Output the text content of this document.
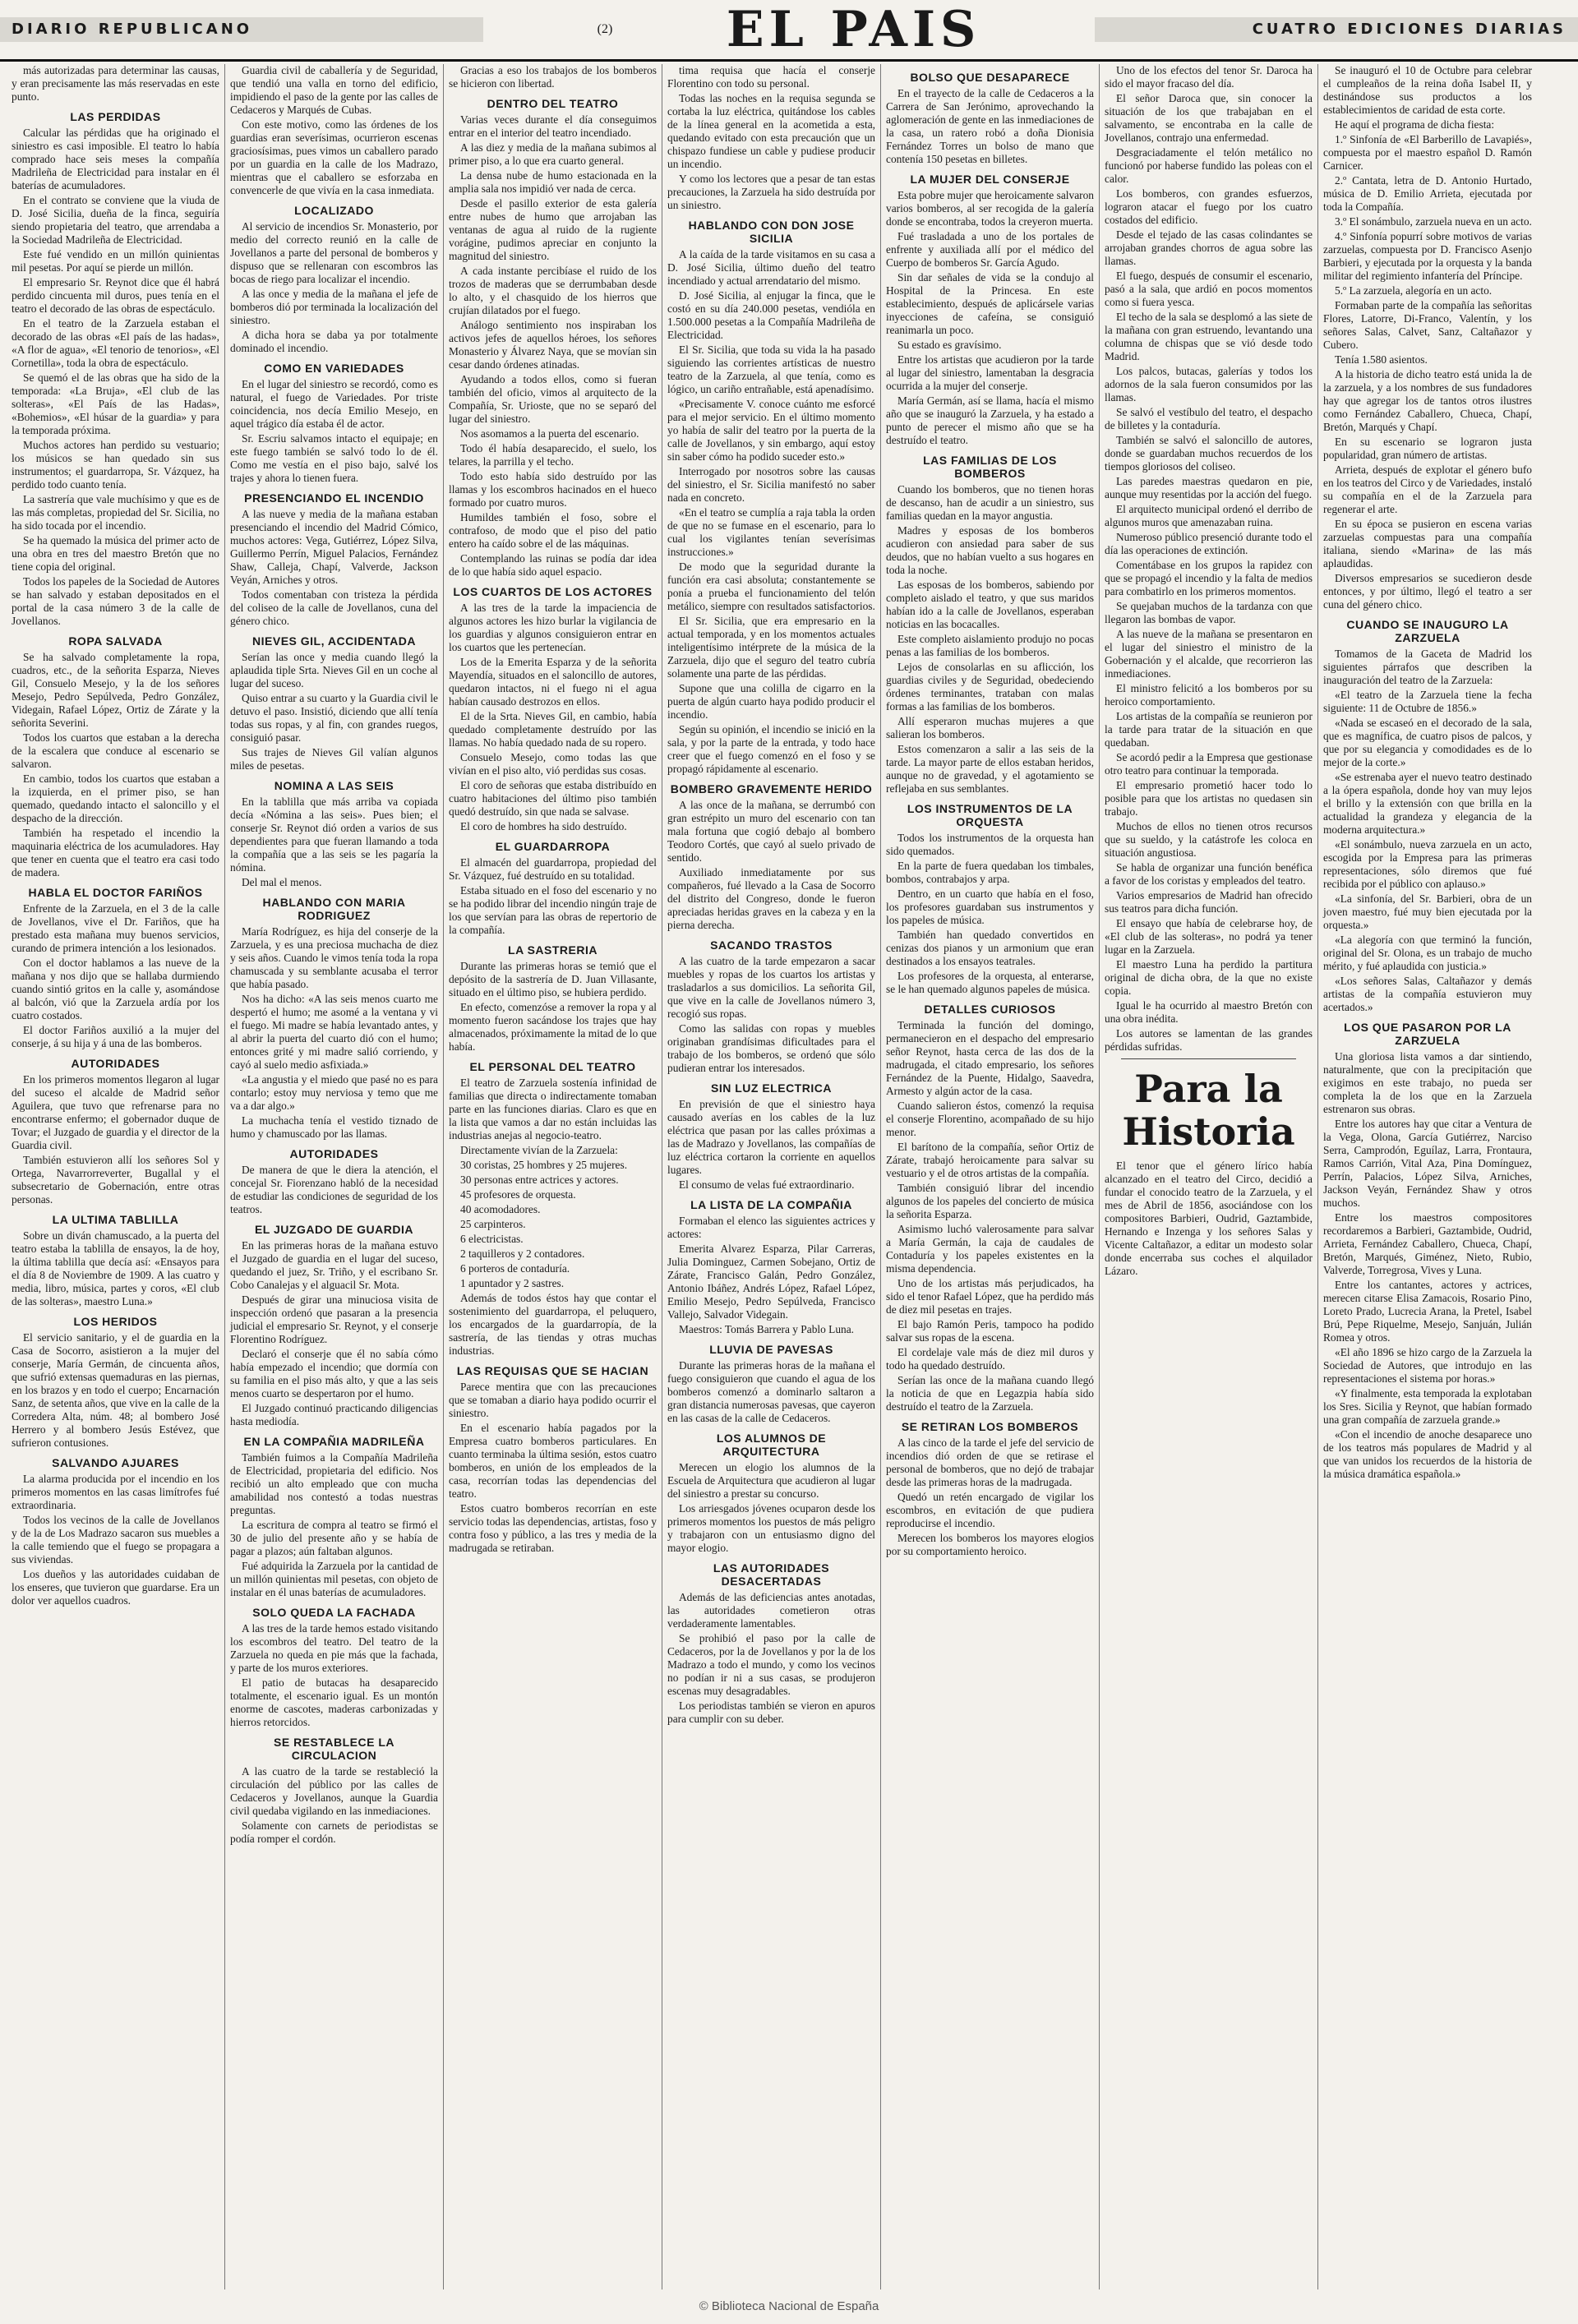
DIARIO REPUBLICANO	(2) EL PAIS	CUATRO EDICIONES DIARIAS

más autorizadas para determinar las causas, y eran precisamente las más reservadas en este punto.

LAS PERDIDAS

Calcular las pérdidas que ha originado el siniestro es casi imposible. El teatro lo había comprado hace seis meses la compañía Madrileña de Electricidad para instalar en él baterías de acumuladores.

En el contrato se conviene que la viuda de D. José Sicilia, dueña de la finca, seguiría siendo propietaria del teatro, que arrendaba a la Sociedad Madrileña de Electricidad.

Este fué vendido en un millón quinientas mil pesetas. Por aquí se pierde un millón.

El empresario Sr. Reynot dice que él habrá perdido cincuenta mil duros, pues tenía en el teatro el decorado de las obras de espectáculo.

En el teatro de la Zarzuela estaban el decorado de las obras «El país de las hadas», «A flor de agua», «El tenorio de tenorios», «El Cornetilla», toda la obra de espectáculo.

Se quemó el de las obras que ha sido de la temporada: «La Bruja», «El club de las solteras», «El País de las Hadas», «Bohemios», «El húsar de la guardia» y para la temporada próxima.

Muchos actores han perdido su vestuario; los músicos se han quedado sin sus instrumentos; el guardarropa, Sr. Vázquez, ha perdido todo cuanto tenía.

La sastrería que vale muchísimo y que es de las más completas, propiedad del Sr. Sicilia, no ha sido tocada por el incendio.

Se ha quemado la música del primer acto de una obra en tres del maestro Bretón que no tiene copia del original.

Todos los papeles de la Sociedad de Autores se han salvado y estaban depositados en el portal de la casa número 3 de la calle de Jovellanos.

ROPA SALVADA

Se ha salvado completamente la ropa, cuadros, etc., de la señorita Esparza, Nieves Gil, Consuelo Mesejo, y la de los señores Mesejo, Pedro Sepúlveda, Pedro González, Videgain, Rafael López, Ortiz de Zárate y la señorita Severini.

Todos los cuartos que estaban a la derecha de la escalera que conduce al escenario se salvaron.

En cambio, todos los cuartos que estaban a la izquierda, en el primer piso, se han quemado, quedando intacto el saloncillo y el despacho de la dirección.

También ha respetado el incendio la maquinaria eléctrica de los acumuladores. Hay que tener en cuenta que el teatro era casi todo de madera.

HABLA EL DOCTOR FARIÑOS

Enfrente de la Zarzuela, en el 3 de la calle de Jovellanos, vive el Dr. Fariños, que ha prestado esta mañana muy buenos servicios, curando de primera intención a los lesionados.

Con el doctor hablamos a las nueve de la mañana y nos dijo que se hallaba durmiendo cuando sintió gritos en la calle y, asomándose al balcón, vió que la Zarzuela ardía por los cuatro costados.

El doctor Fariños auxilió a la mujer del conserje, á su hija y á una de las bomberos.

AUTORIDADES

En los primeros momentos llegaron al lugar del suceso el alcalde de Madrid señor Aguilera, que tuvo que refrenarse para no encontrarse enfermo; el gobernador duque de Tovar; el Juzgado de guardia y el director de la Guardia civil.

También estuvieron allí los señores Sol y Ortega, Navarrorreverter, Bugallal y el subsecretario de Gobernación, entre otras personas.

LA ULTIMA TABLILLA

Sobre un diván chamuscado, a la puerta del teatro estaba la tablilla de ensayos, la de hoy, la última tablilla que decía así: «Ensayos para el día 8 de Noviembre de 1909. A las cuatro y media, libro, música, partes y coros, «El club de las solteras», maestro Luna.»

LOS HERIDOS

El servicio sanitario, y el de guardia en la Casa de Socorro, asistieron a la mujer del conserje, María Germán, de cincuenta años, que sufrió extensas quemaduras en las piernas, en los brazos y en todo el cuerpo; Encarnación Sanz, de setenta años, que vive en la calle de la Corredera Alta, núm. 48; al bombero José Herrero y al bombero Jesús Estévez, que sufrieron contusiones.

SALVANDO AJUARES

La alarma producida por el incendio en los primeros momentos en las casas limítrofes fué extraordinaria.

Todos los vecinos de la calle de Jovellanos y de la de Los Madrazo sacaron sus muebles a la calle temiendo que el fuego se propagara a sus viviendas.

Los dueños y las autoridades cuidaban de los enseres, que tuvieron que guardarse. Era un dolor ver aquellos cuadros.

Guardia civil de caballería y de Seguridad, que tendió una valla en torno del edificio, impidiendo el paso de la gente por las calles de Cedaceros y Marqués de Cubas.

Con este motivo, como las órdenes de los guardias eran severísimas, ocurrieron escenas graciosísimas, pues vimos un caballero parado por un guardia en la calle de los Madrazo, mientras que el caballero se esforzaba en convencerle de que vivía en la casa inmediata.

LOCALIZADO

Al servicio de incendios Sr. Monasterio, por medio del correcto reunió en la calle de Jovellanos a parte del personal de bomberos y dispuso que se rellenaran con escombros las bocas de riego para localizar el incendio.

A las once y media de la mañana el jefe de bomberos dió por terminada la localización del siniestro.

A dicha hora se daba ya por totalmente dominado el incendio.

COMO EN VARIEDADES

En el lugar del siniestro se recordó, como es natural, el fuego de Variedades. Por triste coincidencia, nos decía Emilio Mesejo, en aquel trágico día estaba él de actor.

Sr. Escriu salvamos intacto el equipaje; en este fuego también se salvó todo lo de él. Como me vestía en el piso bajo, salvé los trajes y ahora lo tienen fuera.

PRESENCIANDO EL INCENDIO

A las nueve y media de la mañana estaban presenciando el incendio del Madrid Cómico, muchos actores: Vega, Gutiérrez, López Silva, Guillermo Perrín, Miguel Palacios, Fernández Shaw, Calleja, Chapí, Valverde, Jackson Veyán, Arniches y otros.

Todos comentaban con tristeza la pérdida del coliseo de la calle de Jovellanos, cuna del género chico.

NIEVES GIL, ACCIDENTADA

Serían las once y media cuando llegó la aplaudida tiple Srta. Nieves Gil en un coche al lugar del suceso.

Quiso entrar a su cuarto y la Guardia civil le detuvo el paso. Insistió, diciendo que allí tenía todas sus ropas, y al fin, con grandes ruegos, consiguió pasar.

Sus trajes de Nieves Gil valían algunos miles de pesetas.

NOMINA A LAS SEIS

En la tablilla que más arriba va copiada decía «Nómina a las seis». Pues bien; el conserje Sr. Reynot dió orden a varios de sus dependientes para que fueran llamando a toda la compañía que a las seis se les pagaría la nómina.

Del mal el menos.

HABLANDO CON MARIA RODRIGUEZ

María Rodríguez, es hija del conserje de la Zarzuela, y es una preciosa muchacha de diez y seis años. Cuando le vimos tenía toda la ropa chamuscada y su semblante acusaba el terror que había pasado.

Nos ha dicho: «A las seis menos cuarto me despertó el humo; me asomé a la ventana y vi el fuego. Mi madre se había levantado antes, y al abrir la puerta del cuarto dió con el humo; entonces grité y mi madre salió corriendo, y cayó al suelo medio asfixiada.»

«La angustia y el miedo que pasé no es para contarlo; estoy muy nerviosa y temo que me va a dar algo.»

La muchacha tenía el vestido tiznado de humo y chamuscado por las llamas.

AUTORIDADES

De manera de que le diera la atención, el concejal Sr. Fiorenzano habló de la necesidad de estudiar las condiciones de seguridad de los teatros.

EL JUZGADO DE GUARDIA

En las primeras horas de la mañana estuvo el Juzgado de guardia en el lugar del suceso, quedando el juez, Sr. Triño, y el escribano Sr. Cobo Canalejas y el alguacil Sr. Mota.

Después de girar una minuciosa visita de inspección ordenó que pasaran a la presencia judicial el empresario Sr. Reynot, y el conserje Florentino Rodríguez.

Declaró el conserje que él no sabía cómo había empezado el incendio; que dormía con su familia en el piso más alto, y que a las seis menos cuarto se despertaron por el humo.

El Juzgado continuó practicando diligencias hasta mediodía.

EN LA COMPAÑIA MADRILEÑA

También fuimos a la Compañía Madrileña de Electricidad, propietaria del edificio. Nos recibió un alto empleado que con mucha amabilidad nos contestó a todas nuestras preguntas.

La escritura de compra al teatro se firmó el 30 de julio del presente año y se había de pagar a plazos; aún faltaban algunos.

Fué adquirida la Zarzuela por la cantidad de un millón quinientas mil pesetas, con objeto de instalar en él unas baterías de acumuladores.

SOLO QUEDA LA FACHADA

A las tres de la tarde hemos estado visitando los escombros del teatro. Del teatro de la Zarzuela no queda en pie más que la fachada, y parte de los muros exteriores.

El patio de butacas ha desaparecido totalmente, el escenario igual. Es un montón enorme de cascotes, maderas carbonizadas y hierros retorcidos.

SE RESTABLECE LA CIRCULACION

A las cuatro de la tarde se restableció la circulación del público por las calles de Cedaceros y Jovellanos, aunque la Guardia civil quedaba vigilando en las inmediaciones.

Solamente con carnets de periodistas se podía romper el cordón.

Gracias a eso los trabajos de los bomberos se hicieron con libertad.

DENTRO DEL TEATRO

Varias veces durante el día conseguimos entrar en el interior del teatro incendiado.

A las diez y media de la mañana subimos al primer piso, a lo que era cuarto general.

La densa nube de humo estacionada en la amplia sala nos impidió ver nada de cerca.

Desde el pasillo exterior de esta galería entre nubes de humo que arrojaban las ventanas de agua al ruido de la rugiente vorágine, pudimos apreciar en conjunto la magnitud del siniestro.

A cada instante percibíase el ruido de los trozos de maderas que se derrumbaban desde lo alto, y el chasquido de los hierros que crujían dilatados por el fuego.

Análogo sentimiento nos inspiraban los activos jefes de aquellos héroes, los señores Monasterio y Álvarez Naya, que se movían sin cesar dando órdenes atinadas.

Ayudando a todos ellos, como si fueran también del oficio, vimos al arquitecto de la Compañía, Sr. Urioste, que no se separó del lugar del siniestro.

Nos asomamos a la puerta del escenario.

Todo él había desaparecido, el suelo, los telares, la parrilla y el techo.

Todo esto había sido destruído por las llamas y los escombros hacinados en el hueco formado por cuatro muros.

Humildes también el foso, sobre el contrafoso, de modo que el piso del patio entero ha caído sobre el de las máquinas.

Contemplando las ruinas se podía dar idea de lo que había sido aquel espacio.

LOS CUARTOS DE LOS ACTORES

A las tres de la tarde la impaciencia de algunos actores les hizo burlar la vigilancia de los guardias y algunos consiguieron entrar en los cuartos que les pertenecían.

Los de la Emerita Esparza y de la señorita Mayendía, situados en el saloncillo de autores, quedaron intactos, ni el fuego ni el agua habían causado destrozos en ellos.

El de la Srta. Nieves Gil, en cambio, había quedado completamente destruído por las llamas. No había quedado nada de su ropero.

Consuelo Mesejo, como todas las que vivían en el piso alto, vió perdidas sus cosas.

El coro de señoras que estaba distribuído en cuatro habitaciones del último piso también quedó destruído, sin que nada se salvase.

El coro de hombres ha sido destruído.

EL GUARDARROPA

El almacén del guardarropa, propiedad del Sr. Vázquez, fué destruído en su totalidad.

Estaba situado en el foso del escenario y no se ha podido librar del incendio ningún traje de los que servían para las obras de repertorio de la compañía.

LA SASTRERIA

Durante las primeras horas se temió que el depósito de la sastrería de D. Juan Villasante, situado en el último piso, se hubiera perdido.

En efecto, comenzóse a remover la ropa y al momento fueron sacándose los trajes que hay almacenados, próximamente la mitad de lo que había.

EL PERSONAL DEL TEATRO

El teatro de Zarzuela sostenía infinidad de familias que directa o indirectamente tomaban parte en las funciones diarias. Claro es que en la lista que vamos a dar no están incluidas las industrias anejas al negocio-teatro.

Directamente vivían de la Zarzuela:

30 coristas, 25 hombres y 25 mujeres.

30 personas entre actrices y actores.

45 profesores de orquesta.

40 acomodadores.

25 carpinteros.

6 electricistas.

2 taquilleros y 2 contadores.

6 porteros de contaduría.

1 apuntador y 2 sastres.

Además de todos éstos hay que contar el sostenimiento del guardarropa, el peluquero, los encargados de la guardarropía, de la sastrería, de las tiendas y otras muchas industrias.

LAS REQUISAS QUE SE HACIAN

Parece mentira que con las precauciones que se tomaban a diario haya podido ocurrir el siniestro.

En el escenario había pagados por la Empresa cuatro bomberos particulares. En cuanto terminaba la última sesión, estos cuatro bomberos, en unión de los empleados de la casa, recorrían todas las dependencias del teatro.

Estos cuatro bomberos recorrían en este servicio todas las dependencias, artistas, foso y contra foso y público, a las tres y media de la madrugada se retiraban.

tima requisa que hacía el conserje Florentino con todo su personal.

Todas las noches en la requisa segunda se cortaba la luz eléctrica, quitándose los cables de la línea general en la acometida a esta, quedando evitado con esta precaución que un chispazo fundiese un cable y pudiese producir un incendio.

Y como los lectores que a pesar de tan estas precauciones, la Zarzuela ha sido destruída por un siniestro.

HABLANDO CON DON JOSE SICILIA

A la caída de la tarde visitamos en su casa a D. José Sicilia, último dueño del teatro incendiado y actual arrendatario del mismo.

D. José Sicilia, al enjugar la finca, que le costó en su día 240.000 pesetas, vendióla en 1.500.000 pesetas a la Compañía Madrileña de Electricidad.

El Sr. Sicilia, que toda su vida la ha pasado siguiendo las corrientes artísticas de nuestro teatro de la Zarzuela, al que tenía, como es lógico, un cariño entrañable, está apenadísimo.

«Precisamente V. conoce cuánto me esforcé para el mejor servicio. En el último momento yo había de salir del teatro por la puerta de la calle de Jovellanos, y sin embargo, aquí estoy sin saber cómo ha podido suceder esto.»

Interrogado por nosotros sobre las causas del siniestro, el Sr. Sicilia manifestó no saber nada en concreto.

«En el teatro se cumplía a raja tabla la orden de que no se fumase en el escenario, para lo cual los vigilantes tenían severísimas instrucciones.»

De modo que la seguridad durante la función era casi absoluta; constantemente se ponía a prueba el funcionamiento del telón metálico, siempre con resultados satisfactorios.

El Sr. Sicilia, que era empresario en la actual temporada, y en los momentos actuales inteligentísimo intérprete de la música de la Zarzuela, dijo que el seguro del teatro cubría solamente una parte de las pérdidas.

Supone que una colilla de cigarro en la puerta de algún cuarto haya podido producir el incendio.

Según su opinión, el incendio se inició en la sala, y por la parte de la entrada, y todo hace creer que el fuego comenzó en el foso y se propagó rápidamente al escenario.

BOMBERO GRAVEMENTE HERIDO

A las once de la mañana, se derrumbó con gran estrépito un muro del escenario con tan mala fortuna que cogió debajo al bombero Teodoro Cortés, que cayó al suelo privado de sentido.

Auxiliado inmediatamente por sus compañeros, fué llevado a la Casa de Socorro del distrito del Congreso, donde le fueron apreciadas heridas graves en la cabeza y en la pierna derecha.

SACANDO TRASTOS

A las cuatro de la tarde empezaron a sacar muebles y ropas de los cuartos los artistas y trasladarlos a sus domicilios. La señorita Gil, que vive en la calle de Jovellanos número 3, recogió sus ropas.

Como las salidas con ropas y muebles originaban grandísimas dificultades para el trabajo de los bomberos, se ordenó que sólo pudieran entrar los interesados.

SIN LUZ ELECTRICA

En previsión de que el siniestro haya causado averías en los cables de la luz eléctrica que pasan por las calles próximas a las de Madrazo y Jovellanos, las compañías de luz eléctrica cortaron la corriente en aquellos lugares.

El consumo de velas fué extraordinario.

LA LISTA DE LA COMPAÑIA

Formaban el elenco las siguientes actrices y actores:

Emerita Alvarez Esparza, Pilar Carreras, Julia Dominguez, Carmen Sobejano, Ortiz de Zárate, Francisco Galán, Pedro González, Antonio Ibáñez, Andrés López, Rafael López, Emilio Mesejo, Pedro Sepúlveda, Francisco Vallejo, Salvador Videgain.

Maestros: Tomás Barrera y Pablo Luna.

LLUVIA DE PAVESAS

Durante las primeras horas de la mañana el fuego consiguieron que cuando el agua de los bomberos comenzó a dominarlo saltaron a gran distancia numerosas pavesas, que cayeron en las casas de la calle de Cedaceros.

LOS ALUMNOS DE ARQUITECTURA

Merecen un elogio los alumnos de la Escuela de Arquitectura que acudieron al lugar del siniestro a prestar su concurso.

Los arriesgados jóvenes ocuparon desde los primeros momentos los puestos de más peligro y trabajaron con un entusiasmo digno del mayor elogio.

LAS AUTORIDADES DESACERTADAS

Además de las deficiencias antes anotadas, las autoridades cometieron otras verdaderamente lamentables.

Se prohibió el paso por la calle de Cedaceros, por la de Jovellanos y por la de los Madrazo a todo el mundo, y como los vecinos no podían ir ni a sus casas, se produjeron escenas muy desagradables.

Los periodistas también se vieron en apuros para cumplir con su deber.

BOLSO QUE DESAPARECE

En el trayecto de la calle de Cedaceros a la Carrera de San Jerónimo, aprovechando la aglomeración de gente en las inmediaciones de la casa, un ratero robó a doña Dionisia Fernández Torres un bolso de mano que contenía 150 pesetas en billetes.

LA MUJER DEL CONSERJE

Esta pobre mujer que heroicamente salvaron varios bomberos, al ser recogida de la galería donde se encontraba, todos la creyeron muerta.

Fué trasladada a uno de los portales de enfrente y auxiliada allí por el médico del Cuerpo de bomberos Sr. García Agudo.

Sin dar señales de vida se la condujo al Hospital de la Princesa. En este establecimiento, después de aplicársele varias inyecciones de cafeína, se consiguió reanimarla un poco.

Su estado es gravísimo.

Entre los artistas que acudieron por la tarde al lugar del siniestro, lamentaban la desgracia ocurrida a la mujer del conserje.

María Germán, así se llama, hacía el mismo año que se inauguró la Zarzuela, y ha estado a punto de perecer el mismo año que se ha destruído el teatro.

LAS FAMILIAS DE LOS BOMBEROS

Cuando los bomberos, que no tienen horas de descanso, han de acudir a un siniestro, sus familias quedan en la mayor angustia.

Madres y esposas de los bomberos acudieron con ansiedad para saber de sus deudos, que no habían vuelto a sus hogares en toda la noche.

Las esposas de los bomberos, sabiendo por completo aislado el teatro, y que sus maridos habían ido a la calle de Jovellanos, esperaban noticias en las bocacalles.

Este completo aislamiento produjo no pocas penas a las familias de los bomberos.

Lejos de consolarlas en su aflicción, los guardias civiles y de Seguridad, obedeciendo órdenes terminantes, trataban con malas formas a las familias de los bomberos.

Allí esperaron muchas mujeres a que salieran los bomberos.

Estos comenzaron a salir a las seis de la tarde. La mayor parte de ellos estaban heridos, aunque no de gravedad, y el agotamiento se reflejaba en sus semblantes.

LOS INSTRUMENTOS DE LA ORQUESTA

Todos los instrumentos de la orquesta han sido quemados.

En la parte de fuera quedaban los timbales, bombos, contrabajos y arpa.

Dentro, en un cuarto que había en el foso, los profesores guardaban sus instrumentos y los papeles de música.

También han quedado convertidos en cenizas dos pianos y un armonium que eran destinados a los ensayos teatrales.

Los profesores de la orquesta, al enterarse, se le han quemado algunos papeles de música.

DETALLES CURIOSOS

Terminada la función del domingo, permanecieron en el despacho del empresario señor Reynot, hasta cerca de las dos de la madrugada, el citado empresario, los señores Fernández de la Puente, Hidalgo, Saavedra, Armesto y algún actor de la casa.

Cuando salieron éstos, comenzó la requisa el conserje Florentino, acompañado de su hijo menor.

El barítono de la compañía, señor Ortiz de Zárate, trabajó heroicamente para salvar su vestuario y el de otros artistas de la compañía.

También consiguió librar del incendio algunos de los papeles del concierto de música la señorita Esparza.

Asimismo luchó valerosamente para salvar a María Germán, la caja de caudales de Contaduría y los papeles existentes en la misma dependencia.

Uno de los artistas más perjudicados, ha sido el tenor Rafael López, que ha perdido más de diez mil pesetas en trajes.

El bajo Ramón Peris, tampoco ha podido salvar sus ropas de la escena.

El cordelaje vale más de diez mil duros y todo ha quedado destruído.

Serían las once de la mañana cuando llegó la noticia de que en Legazpia había sido destruído el teatro de la Zarzuela.

SE RETIRAN LOS BOMBEROS

A las cinco de la tarde el jefe del servicio de incendios dió orden de que se retirase el personal de bomberos, que no dejó de trabajar desde las primeras horas de la madrugada.

Quedó un retén encargado de vigilar los escombros, en evitación de que pudiera reproducirse el incendio.

Merecen los bomberos los mayores elogios por su comportamiento heroico.

Uno de los efectos del tenor Sr. Daroca ha sido el mayor fracaso del día.

El señor Daroca que, sin conocer la situación de los que trabajaban en el salvamento, se encontraba en la calle de Jovellanos, contrajo una enfermedad.

Desgraciadamente el telón metálico no funcionó por haberse fundido las poleas con el calor.

Los bomberos, con grandes esfuerzos, lograron atacar el fuego por los cuatro costados del edificio.

Desde el tejado de las casas colindantes se arrojaban grandes chorros de agua sobre las llamas.

El fuego, después de consumir el escenario, pasó a la sala, que ardió en pocos momentos como si fuera yesca.

El techo de la sala se desplomó a las siete de la mañana con gran estruendo, levantando una columna de chispas que se vió desde todo Madrid.

Los palcos, butacas, galerías y todos los adornos de la sala fueron consumidos por las llamas.

Se salvó el vestíbulo del teatro, el despacho de billetes y la contaduría.

También se salvó el saloncillo de autores, donde se guardaban muchos recuerdos de los tiempos gloriosos del coliseo.

Las paredes maestras quedaron en pie, aunque muy resentidas por la acción del fuego.

El arquitecto municipal ordenó el derribo de algunos muros que amenazaban ruina.

Numeroso público presenció durante todo el día las operaciones de extinción.

Comentábase en los grupos la rapidez con que se propagó el incendio y la falta de medios para combatirlo en los primeros momentos.

Se quejaban muchos de la tardanza con que llegaron las bombas de vapor.

A las nueve de la mañana se presentaron en el lugar del siniestro el ministro de la Gobernación y el alcalde, que recorrieron las inmediaciones.

El ministro felicitó a los bomberos por su heroico comportamiento.

Los artistas de la compañía se reunieron por la tarde para tratar de la situación en que quedaban.

Se acordó pedir a la Empresa que gestionase otro teatro para continuar la temporada.

El empresario prometió hacer todo lo posible para que los artistas no quedasen sin trabajo.

Muchos de ellos no tienen otros recursos que su sueldo, y la catástrofe les coloca en situación angustiosa.

Se habla de organizar una función benéfica a favor de los coristas y empleados del teatro.

Varios empresarios de Madrid han ofrecido sus teatros para dicha función.

El ensayo que había de celebrarse hoy, de «El club de las solteras», no podrá ya tener lugar en la Zarzuela.

El maestro Luna ha perdido la partitura original de dicha obra, de la que no existe copia.

Igual le ha ocurrido al maestro Bretón con una obra inédita.

Los autores se lamentan de las grandes pérdidas sufridas.

Para la Historia

El tenor que el género lírico había alcanzado en el teatro del Circo, decidió a fundar el conocido teatro de la Zarzuela, y el mes de Abril de 1856, asociándose con los compositores Barbieri, Oudrid, Gaztambide, Hernando e Inzenga y los señores Salas y Vicente Caltañazor, a editar un modesto solar donde encerraba sus coches el alquilador Lázaro.

Se inauguró el 10 de Octubre para celebrar el cumpleaños de la reina doña Isabel II, y destinándose sus productos a los establecimientos de caridad de esta corte.

He aquí el programa de dicha fiesta:

1.º Sinfonía de «El Barberillo de Lavapiés», compuesta por el maestro español D. Ramón Carnicer.

2.º Cantata, letra de D. Antonio Hurtado, música de D. Emilio Arrieta, ejecutada por toda la Compañía.

3.º El sonámbulo, zarzuela nueva en un acto.

4.º Sinfonía popurrí sobre motivos de varias zarzuelas, compuesta por D. Francisco Asenjo Barbieri, y ejecutada por la orquesta y la banda militar del regimiento infantería del Príncipe.

5.º La zarzuela, alegoría en un acto.

Formaban parte de la compañía las señoritas Flores, Latorre, Di-Franco, Valentín, y los señores Salas, Calvet, Sanz, Caltañazor y Cubero.

Tenía 1.580 asientos.

A la historia de dicho teatro está unida la de la zarzuela, y a los nombres de sus fundadores hay que agregar los de tantos otros ilustres como Fernández Caballero, Chueca, Chapí, Bretón, Marqués y Chapí.

En su escenario se lograron justa popularidad, gran número de artistas.

Arrieta, después de explotar el género bufo en los teatros del Circo y de Variedades, instaló su compañía en el de la Zarzuela para regenerar el arte.

En su época se pusieron en escena varias zarzuelas compuestas para una compañía italiana, siendo «Marina» de las más aplaudidas.

Diversos empresarios se sucedieron desde entonces, y por último, llegó el teatro a ser cuna del género chico.

CUANDO SE INAUGURO LA ZARZUELA

Tomamos de la Gaceta de Madrid los siguientes párrafos que describen la inauguración del teatro de la Zarzuela:

«El teatro de la Zarzuela tiene la fecha siguiente: 11 de Octubre de 1856.»

«Nada se escaseó en el decorado de la sala, que es magnífica, de cuatro pisos de palcos, y que por su elegancia y comodidades es de lo mejor de la corte.»

«Se estrenaba ayer el nuevo teatro destinado a la ópera española, donde hoy van muy lejos el brillo y la extensión con que brilla en la actualidad la grandeza y elegancia de la moderna arquitectura.»

«El sonámbulo, nueva zarzuela en un acto, escogida por la Empresa para las primeras representaciones, sólo diremos que fué recibida por el público con aplauso.»

«La sinfonía, del Sr. Barbieri, obra de un joven maestro, fué muy bien ejecutada por la orquesta.»

«La alegoría con que terminó la función, original del Sr. Olona, es un trabajo de mucho mérito, y fué aplaudida con justicia.»

«Los señores Salas, Caltañazor y demás artistas de la compañía estuvieron muy acertados.»

LOS QUE PASARON POR LA ZARZUELA

Una gloriosa lista vamos a dar sintiendo, naturalmente, que con la precipitación que exigimos en este trabajo, no pueda ser completa la de los que en la Zarzuela estrenaron sus obras.

Entre los autores hay que citar a Ventura de la Vega, Olona, García Gutiérrez, Narciso Serra, Camprodón, Eguílaz, Larra, Frontaura, Ramos Carrión, Vital Aza, Pina Domínguez, Perrín, Palacios, López Silva, Arniches, Jackson Veyán, Fernández Shaw y otros muchos.

Entre los maestros compositores recordaremos a Barbieri, Gaztambide, Oudrid, Arrieta, Fernández Caballero, Chueca, Chapí, Bretón, Marqués, Giménez, Nieto, Rubio, Valverde, Torregrosa, Vives y Luna.

Entre los cantantes, actores y actrices, merecen citarse Elisa Zamacois, Rosario Pino, Loreto Prado, Lucrecia Arana, la Pretel, Isabel Brú, Pepe Riquelme, Mesejo, Sanjuán, Julián Romea y otros.

«El año 1896 se hizo cargo de la Zarzuela la Sociedad de Autores, que introdujo en las representaciones el sistema por horas.»

«Y finalmente, esta temporada la explotaban los Sres. Sicilia y Reynot, que habían formado una gran compañía de zarzuela grande.»

«Con el incendio de anoche desaparece uno de los teatros más populares de Madrid y al que van unidos los recuerdos de la historia de la música dramática española.»

© Biblioteca Nacional de España
